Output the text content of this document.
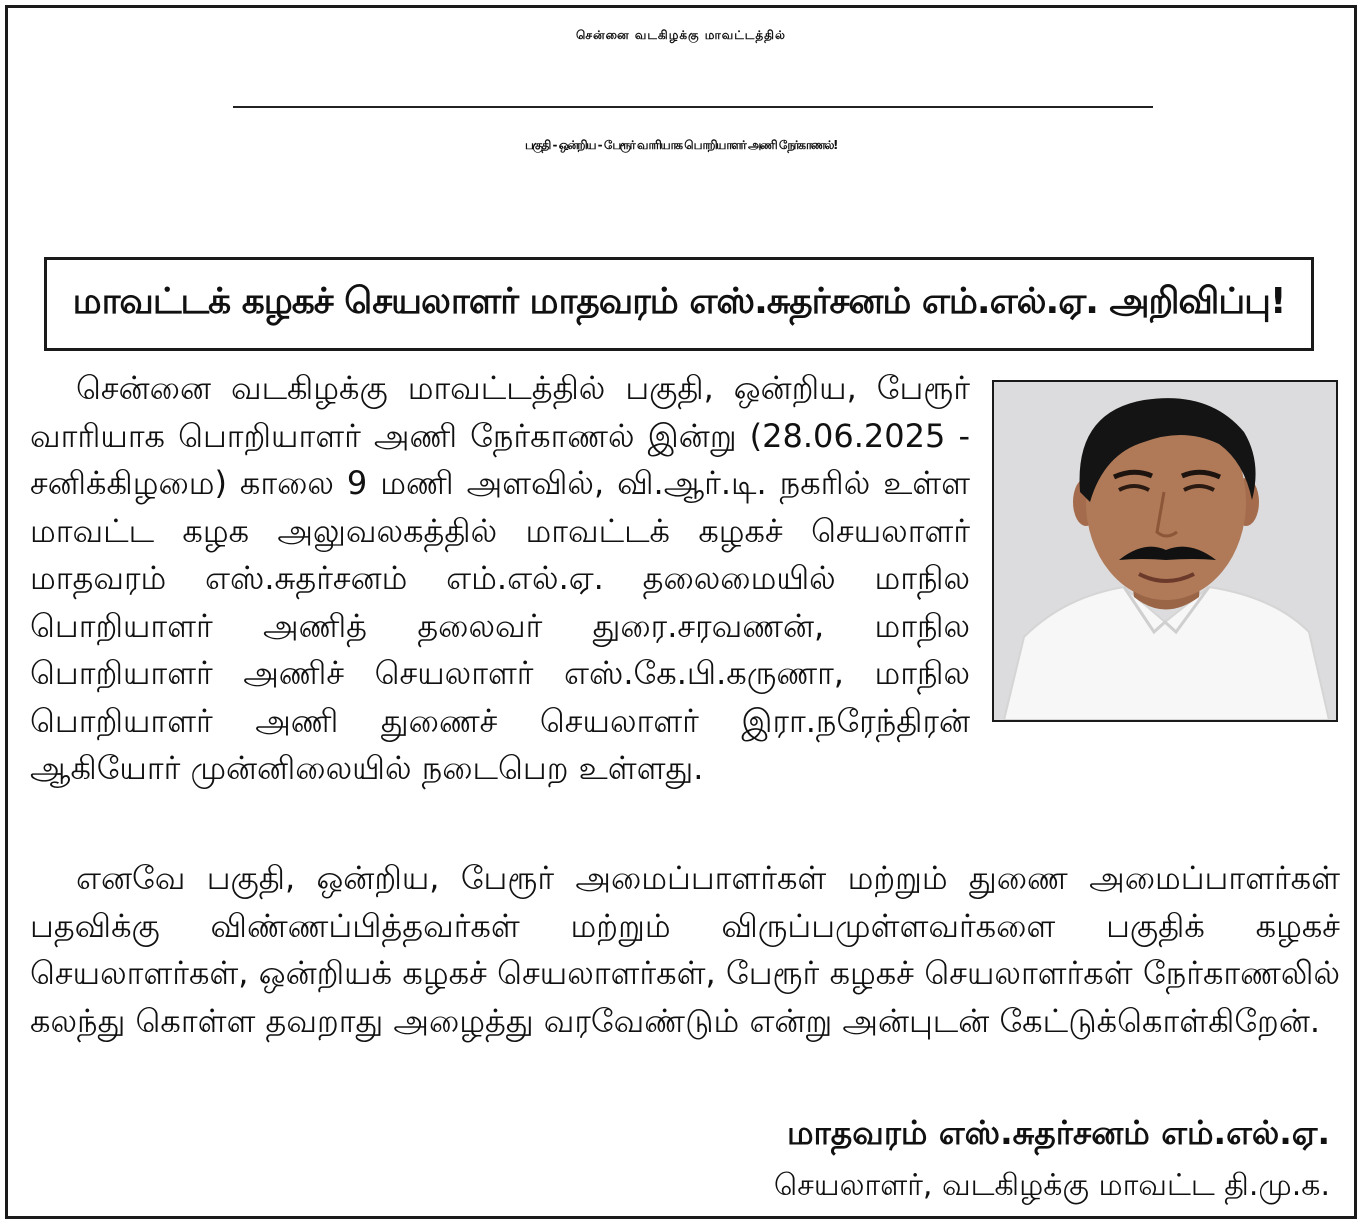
சென்னை வடகிழக்கு மாவட்டத்தில்
பகுதி - ஒன்றிய - பேரூர் வாரியாக பொறியாளர் அணி நேர்காணல்!
மாவட்டக் கழகச் செயலாளர் மாதவரம் எஸ்.சுதர்சனம் எம்.எல்.ஏ. அறிவிப்பு!
சென்னை வடகிழக்கு மாவட்டத்தில் பகுதி, ஒன்றிய, பேரூர் வாரியாக பொறியாளர் அணி நேர்காணல் இன்று (28.06.2025 - சனிக்கிழமை) காலை 9 மணி அளவில், வி.ஆர்.டி. நகரில் உள்ள மாவட்ட கழக அலுவலகத்தில் மாவட்டக் கழகச் செயலாளர் மாதவரம் எஸ்.சுதர்சனம் எம்.எல்.ஏ. தலைமையில் மாநில பொறியாளர் அணித் தலைவர் துரை.சரவணன், மாநில பொறியாளர் அணிச் செயலாளர் எஸ்.கே.பி.கருணா, மாநில பொறியாளர் அணி துணைச் செயலாளர் இரா.நரேந்திரன் ஆகியோர் முன்னிலையில் நடைபெற உள்ளது.
எனவே பகுதி, ஒன்றிய, பேரூர் அமைப்பாளர்கள் மற்றும் துணை அமைப்பாளர்கள் பதவிக்கு விண்ணப்பித்தவர்கள் மற்றும் விருப்பமுள்ளவர்களை பகுதிக் கழகச் செயலாளர்கள், ஒன்றியக் கழகச் செயலாளர்கள், பேரூர் கழகச் செயலாளர்கள் நேர்காணலில் கலந்து கொள்ள தவறாது அழைத்து வரவேண்டும் என்று அன்புடன் கேட்டுக்கொள்கிறேன்.
மாதவரம் எஸ்.சுதர்சனம் எம்.எல்.ஏ.
செயலாளர், வடகிழக்கு மாவட்ட தி.மு.க.
